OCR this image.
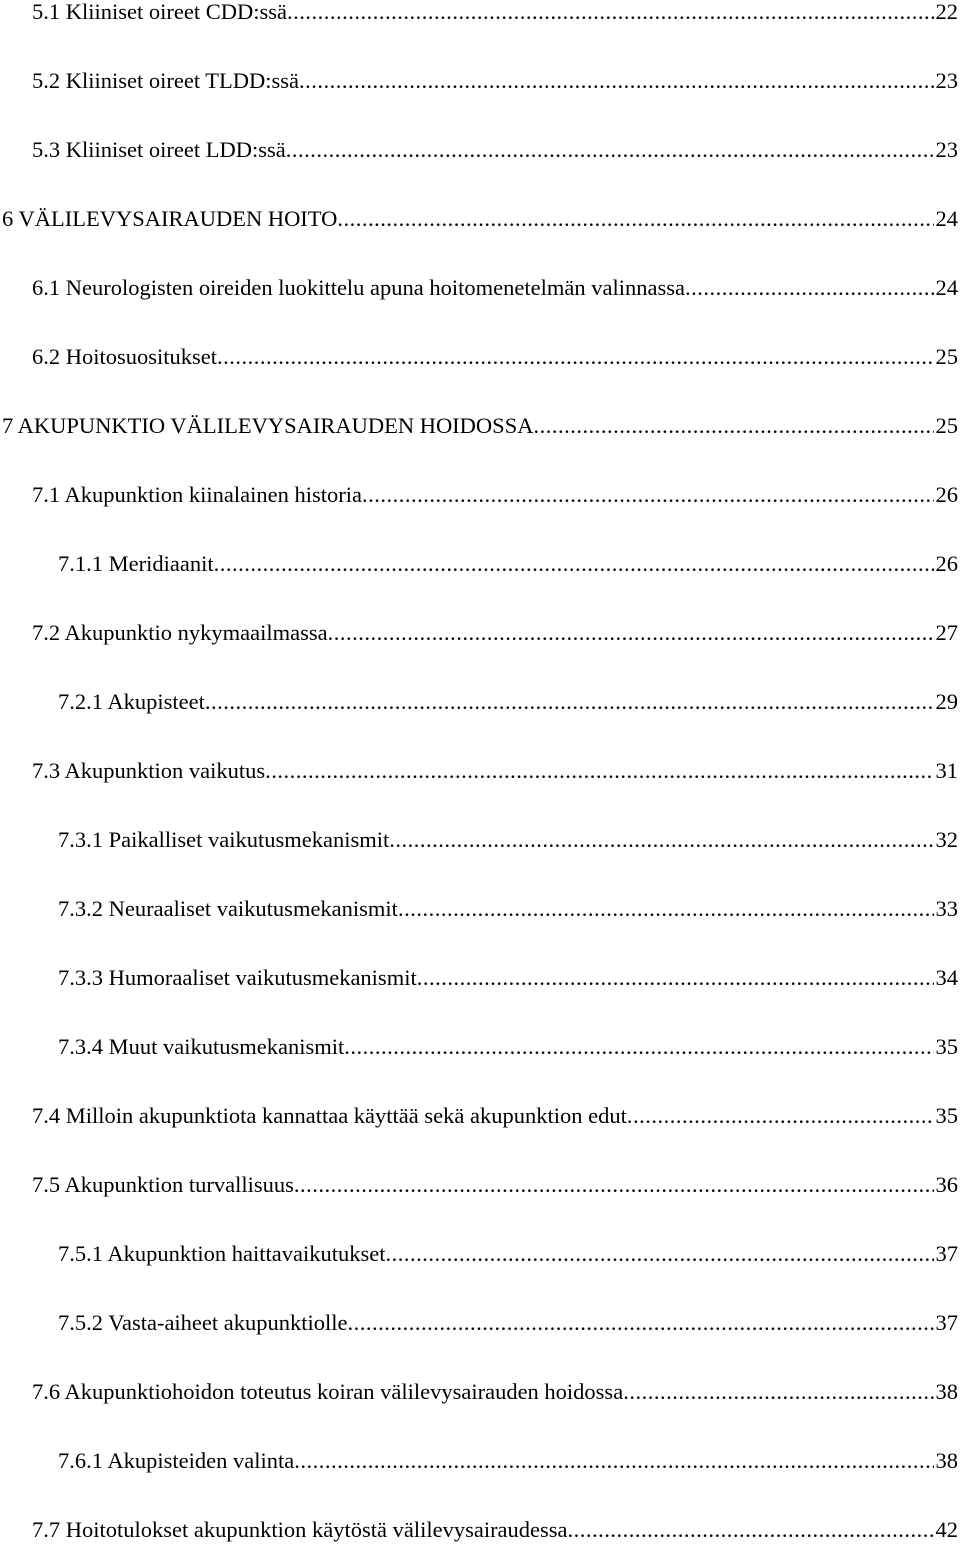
5.1 Kliiniset oireet CDD:ssä .....	22
5.2 Kliiniset oireet TLDD:ssä .....	23
5.3 Kliiniset oireet LDD:ssä .....	23
6 VÄLILEVYSAIRAUDEN HOITO .....	24
6.1 Neurologisten oireiden luokittelu apuna hoitomenetelmän valinnassa .....	24
6.2 Hoitosuositukset .....	25
7 AKUPUNKTIO VÄLILEVYSAIRAUDEN HOIDOSSA .....	25
7.1 Akupunktion kiinalainen historia .....	26
7.1.1 Meridiaanit .....	26
7.2 Akupunktio nykymaailmassa .....	27
7.2.1 Akupisteet .....	29
7.3 Akupunktion vaikutus .....	31
7.3.1 Paikalliset vaikutusmekanismit .....	32
7.3.2 Neuraaliset vaikutusmekanismit .....	33
7.3.3 Humoraaliset vaikutusmekanismit .....	34
7.3.4 Muut vaikutusmekanismit .....	35
7.4 Milloin akupunktiota kannattaa käyttää sekä akupunktion edut .....	35
7.5 Akupunktion turvallisuus .....	36
7.5.1 Akupunktion haittavaikutukset .....	37
7.5.2 Vasta-aiheet akupunktiolle .....	37
7.6 Akupunktiohoidon toteutus koiran välilevysairauden hoidossa .....	38
7.6.1 Akupisteiden valinta .....	38
7.7 Hoitotulokset akupunktion käytöstä välilevysairaudessa .....	42
